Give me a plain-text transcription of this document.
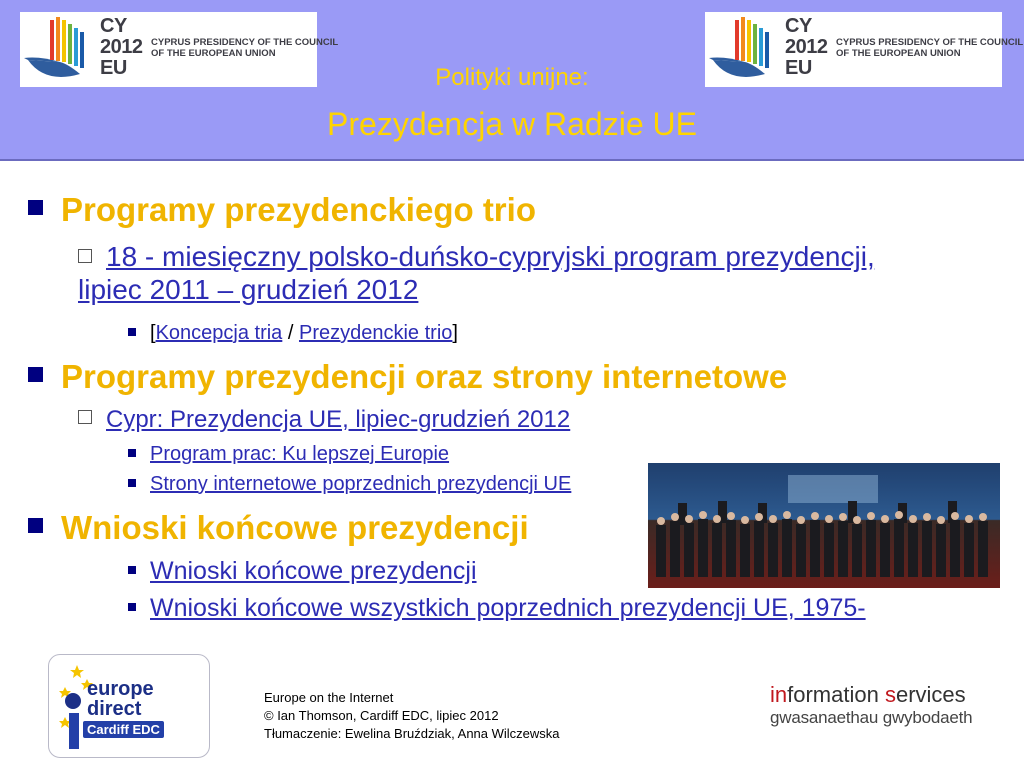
CY
2012
EU
CYPRUS PRESIDENCY OF THE COUNCIL
OF THE EUROPEAN UNION
CY
2012
EU
CYPRUS PRESIDENCY OF THE COUNCIL
OF THE EUROPEAN UNION
Polityki unijne:
Prezydencja w Radzie UE
Programy prezydenckiego trio
18 - miesięczny polsko-duńsko-cypryjski program prezydencji, lipiec 2011 – grudzień 2012
[Koncepcja tria / Prezydenckie trio]
Programy prezydencji oraz strony internetowe
Cypr: Prezydencja UE, lipiec-grudzień 2012
Program prac: Ku lepszej Europie
Strony internetowe poprzednich prezydencji UE
Wnioski końcowe prezydencji
Wnioski końcowe prezydencji
Wnioski końcowe wszystkich poprzednich prezydencji UE, 1975-
europe
direct
Cardiff EDC
Europe on the Internet
© Ian Thomson, Cardiff EDC, lipiec 2012
Tłumaczenie: Ewelina Bruździak, Anna Wilczewska
information services
gwasanaethau gwybodaeth
